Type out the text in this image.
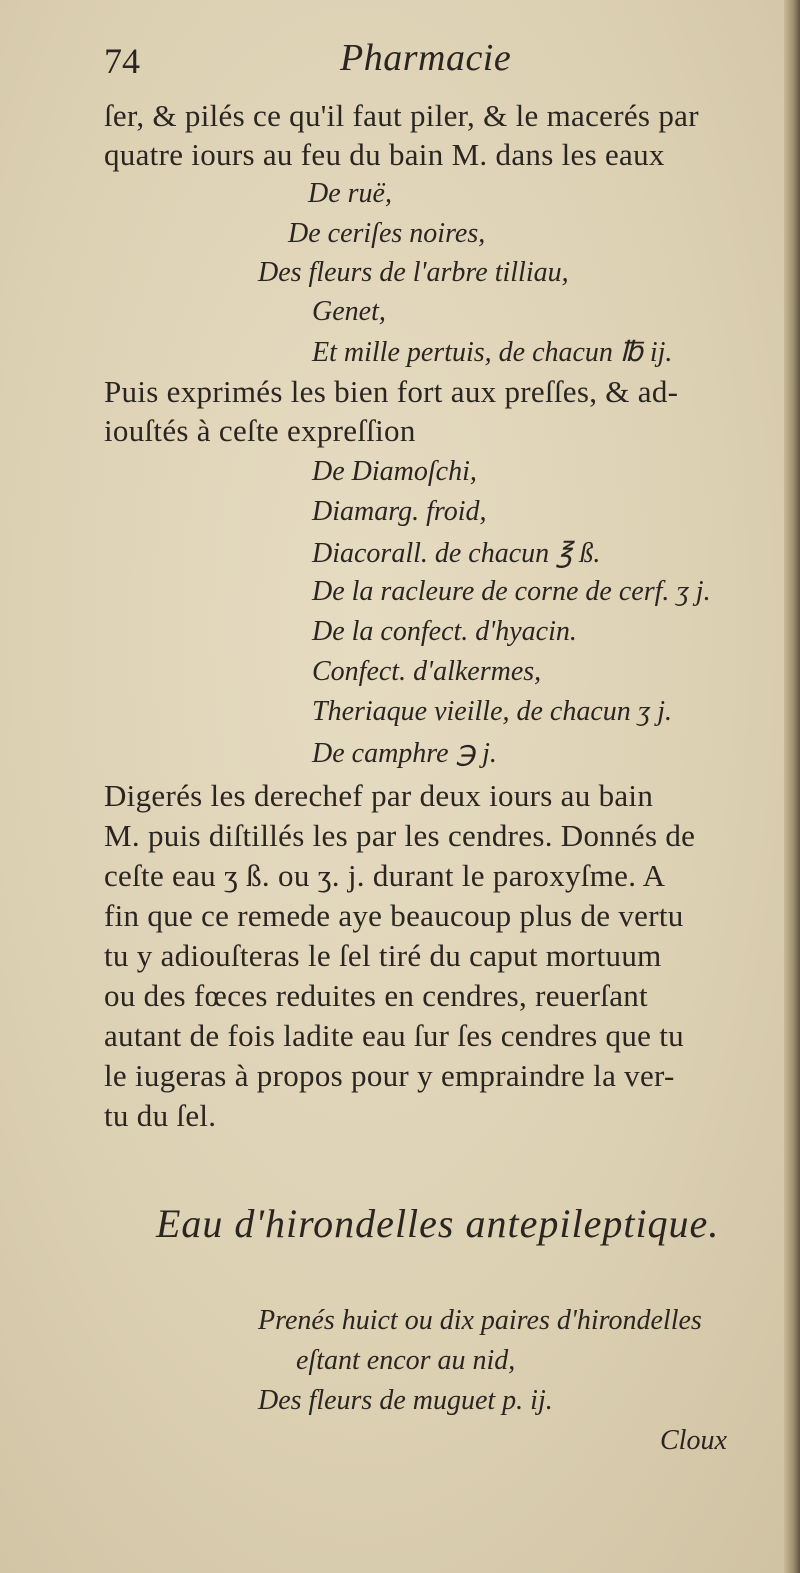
74	Pharmacie
ſer, & pilés ce qu'il faut piler, & le macerés par
quatre iours au feu du bain M. dans les eaux
De ruë,
De ceriſes noires,
Des fleurs de l'arbre tilliau,
Genet,
Et mille pertuis, de chacun ℔ ij.
Puis exprimés les bien fort aux preſſes, & ad-
iouſtés à ceſte expreſſion
De Diamoſchi,
Diamarg. froid,
Diacorall. de chacun ℥ ß.
De la racleure de corne de cerf. ʒ j.
De la confect. d'hyacin.
Confect. d'alkermes,
Theriaque vieille, de chacun ʒ j.
De camphre ℈ j.
Digerés les derechef par deux iours au bain
M. puis diſtillés les par les cendres. Donnés de
ceſte eau ʒ ß. ou ʒ. j. durant le paroxyſme. A
fin que ce remede aye beaucoup plus de vertu
tu y adiouſteras le ſel tiré du caput mortuum
ou des fœces reduites en cendres, reuerſant
autant de fois ladite eau ſur ſes cendres que tu
le iugeras à propos pour y empraindre la ver-
tu du ſel.
Eau d'hirondelles antepileptique.
Prenés huict ou dix paires d'hirondelles
eſtant encor au nid,
Des fleurs de muguet p. ij.
Cloux
